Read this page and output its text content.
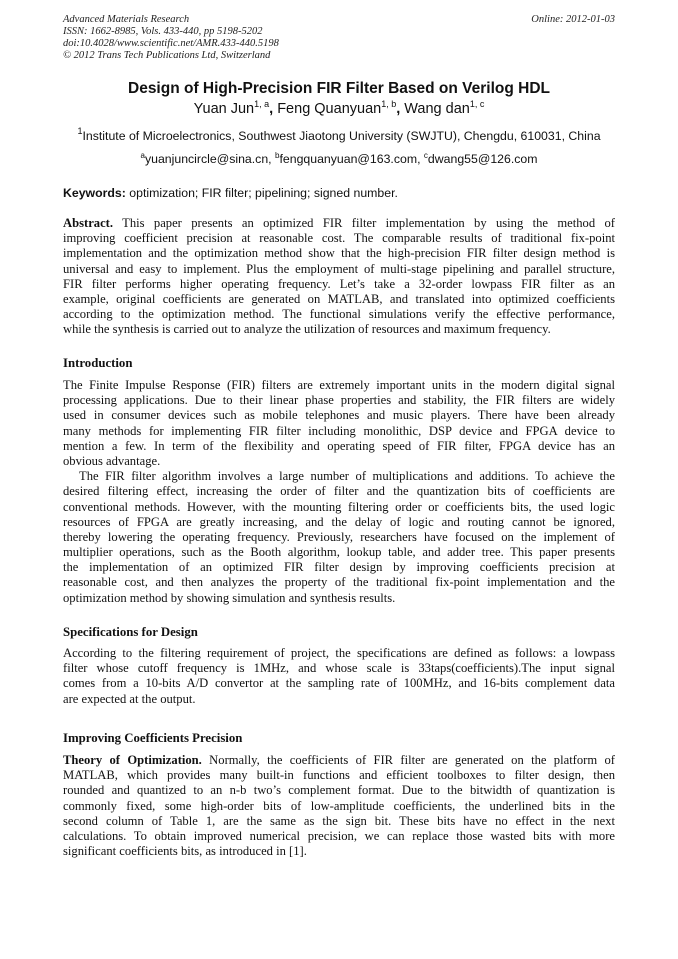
Advanced Materials Research
ISSN: 1662-8985, Vols. 433-440, pp 5198-5202
doi:10.4028/www.scientific.net/AMR.433-440.5198
© 2012 Trans Tech Publications Ltd, Switzerland
Online: 2012-01-03
Design of High-Precision FIR Filter Based on Verilog HDL
Yuan Jun$^{1, a}$, Feng Quanyuan$^{1, b}$, Wang dan$^{1, c}$
$^1$Institute of Microelectronics, Southwest Jiaotong University (SWJTU), Chengdu, 610031, China
$^a$yuanjuncircle@sina.cn, $^b$fengquanyuan@163.com, $^c$dwang55@126.com
Keywords: optimization; FIR filter; pipelining; signed number.
Abstract. This paper presents an optimized FIR filter implementation by using the method of
improving coefficient precision at reasonable cost. The comparable results of traditional fix-point
implementation and the optimization method show that the high-precision FIR filter design method is
universal and easy to implement. Plus the employment of multi-stage pipelining and parallel structure,
FIR filter performs higher operating frequency. Let’s take a 32-order lowpass FIR filter as an
example, original coefficients are generated on MATLAB, and translated into optimized coefficients
according to the optimization method. The functional simulations verify the effective performance,
while the synthesis is carried out to analyze the utilization of resources and maximum frequency.
Introduction
The Finite Impulse Response (FIR) filters are extremely important units in the modern digital signal
processing applications. Due to their linear phase properties and stability, the FIR filters are widely
used in consumer devices such as mobile telephones and music players. There have been already
many methods for implementing FIR filter including monolithic, DSP device and FPGA device to
mention a few. In term of the flexibility and operating speed of FIR filter, FPGA device has an
obvious advantage.
The FIR filter algorithm involves a large number of multiplications and additions. To achieve the
desired filtering effect, increasing the order of filter and the quantization bits of coefficients are
conventional methods. However, with the mounting filtering order or coefficients bits, the used logic
resources of FPGA are greatly increasing, and the delay of logic and routing cannot be ignored,
thereby lowering the operating frequency. Previously, researchers have focused on the implement of
multiplier operations, such as the Booth algorithm, lookup table, and adder tree. This paper presents
the implementation of an optimized FIR filter design by improving coefficients precision at
reasonable cost, and then analyzes the property of the traditional fix-point implementation and the
optimization method by showing simulation and synthesis results.
Specifications for Design
According to the filtering requirement of project, the specifications are defined as follows: a lowpass
filter whose cutoff frequency is 1MHz, and whose scale is 33taps(coefficients).The input signal
comes from a 10-bits A/D convertor at the sampling rate of 100MHz, and 16-bits complement data
are expected at the output.
Improving Coefficients Precision
Theory of Optimization. Normally, the coefficients of FIR filter are generated on the platform of
MATLAB, which provides many built-in functions and efficient toolboxes to filter design, then
rounded and quantized to an n-b two’s complement format. Due to the bitwidth of quantization is
commonly fixed, some high-order bits of low-amplitude coefficients, the underlined bits in the
second column of Table 1, are the same as the sign bit. These bits have no effect in the next
calculations. To obtain improved numerical precision, we can replace those wasted bits with more
significant coefficients bits, as introduced in [1].
